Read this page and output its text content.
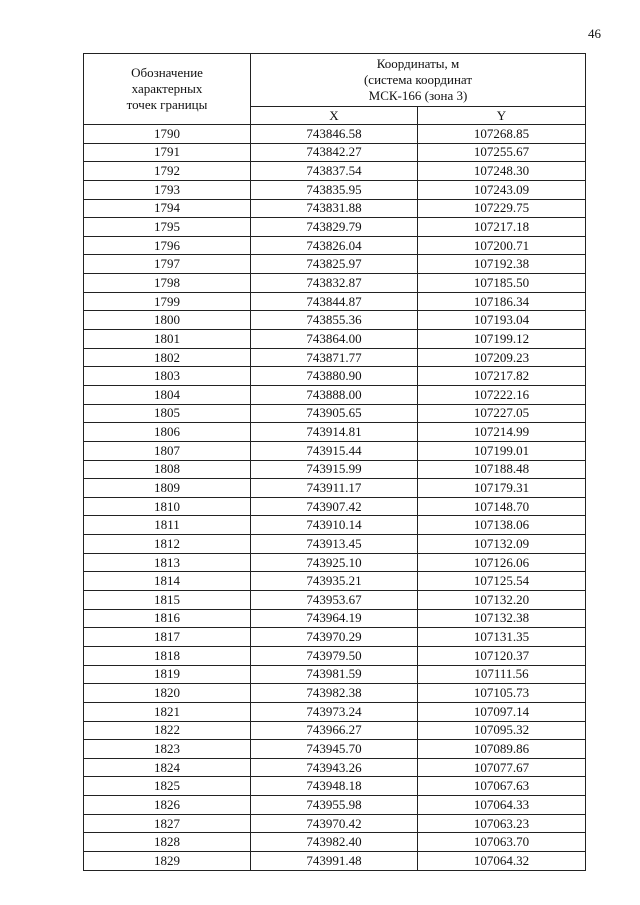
46
Обозначение
характерных
точек границы	Координаты, м
(система координат
МСК-166 (зона 3)	

	X	Y
1790	743846.58	107268.85
1791	743842.27	107255.67
1792	743837.54	107248.30
1793	743835.95	107243.09
1794	743831.88	107229.75
1795	743829.79	107217.18
1796	743826.04	107200.71
1797	743825.97	107192.38
1798	743832.87	107185.50
1799	743844.87	107186.34
1800	743855.36	107193.04
1801	743864.00	107199.12
1802	743871.77	107209.23
1803	743880.90	107217.82
1804	743888.00	107222.16
1805	743905.65	107227.05
1806	743914.81	107214.99
1807	743915.44	107199.01
1808	743915.99	107188.48
1809	743911.17	107179.31
1810	743907.42	107148.70
1811	743910.14	107138.06
1812	743913.45	107132.09
1813	743925.10	107126.06
1814	743935.21	107125.54
1815	743953.67	107132.20
1816	743964.19	107132.38
1817	743970.29	107131.35
1818	743979.50	107120.37
1819	743981.59	107111.56
1820	743982.38	107105.73
1821	743973.24	107097.14
1822	743966.27	107095.32
1823	743945.70	107089.86
1824	743943.26	107077.67
1825	743948.18	107067.63
1826	743955.98	107064.33
1827	743970.42	107063.23
1828	743982.40	107063.70
1829	743991.48	107064.32
